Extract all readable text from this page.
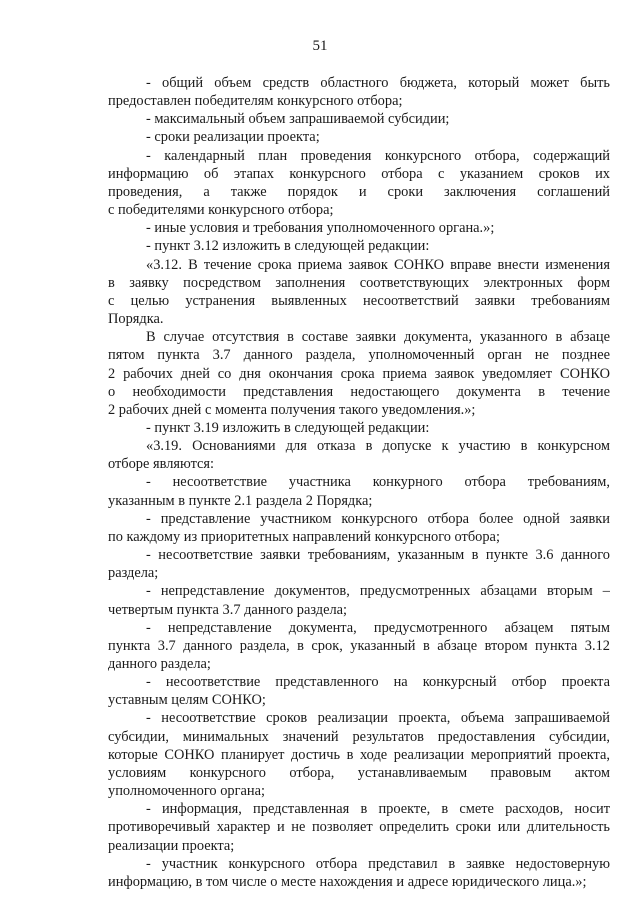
51

- общий объем средств областного бюджета, который может быть
предоставлен победителям конкурсного отбора;

- максимальный объем запрашиваемой субсидии;

- сроки реализации проекта;

- календарный план проведения конкурсного отбора, содержащий
информацию об этапах конкурсного отбора с указанием сроков их
проведения, а также порядок и сроки заключения соглашений
с победителями конкурсного отбора;

- иные условия и требования уполномоченного органа.»;

- пункт 3.12 изложить в следующей редакции:

«3.12. В течение срока приема заявок СОНКО вправе внести изменения
в заявку посредством заполнения соответствующих электронных форм
с целью устранения выявленных несоответствий заявки требованиям
Порядка.

В случае отсутствия в составе заявки документа, указанного в абзаце
пятом пункта 3.7 данного раздела, уполномоченный орган не позднее
2 рабочих дней со дня окончания срока приема заявок уведомляет СОНКО
о необходимости представления недостающего документа в течение
2 рабочих дней с момента получения такого уведомления.»;

- пункт 3.19 изложить в следующей редакции:

«3.19. Основаниями для отказа в допуске к участию в конкурсном
отборе являются:

- несоответствие участника конкурного отбора требованиям,
указанным в пункте 2.1 раздела 2 Порядка;

- представление участником конкурсного отбора более одной заявки
по каждому из приоритетных направлений конкурсного отбора;

- несоответствие заявки требованиям, указанным в пункте 3.6 данного
раздела;

- непредставление документов, предусмотренных абзацами вторым –
четвертым пункта 3.7 данного раздела;

- непредставление документа, предусмотренного абзацем пятым
пункта 3.7 данного раздела, в срок, указанный в абзаце втором пункта 3.12
данного раздела;

- несоответствие представленного на конкурсный отбор проекта
уставным целям СОНКО;

- несоответствие сроков реализации проекта, объема запрашиваемой
субсидии, минимальных значений результатов предоставления субсидии,
которые СОНКО планирует достичь в ходе реализации мероприятий проекта,
условиям конкурсного отбора, устанавливаемым правовым актом
уполномоченного органа;

- информация, представленная в проекте, в смете расходов, носит
противоречивый характер и не позволяет определить сроки или длительность
реализации проекта;

- участник конкурсного отбора представил в заявке недостоверную
информацию, в том числе о месте нахождения и адресе юридического лица.»;
